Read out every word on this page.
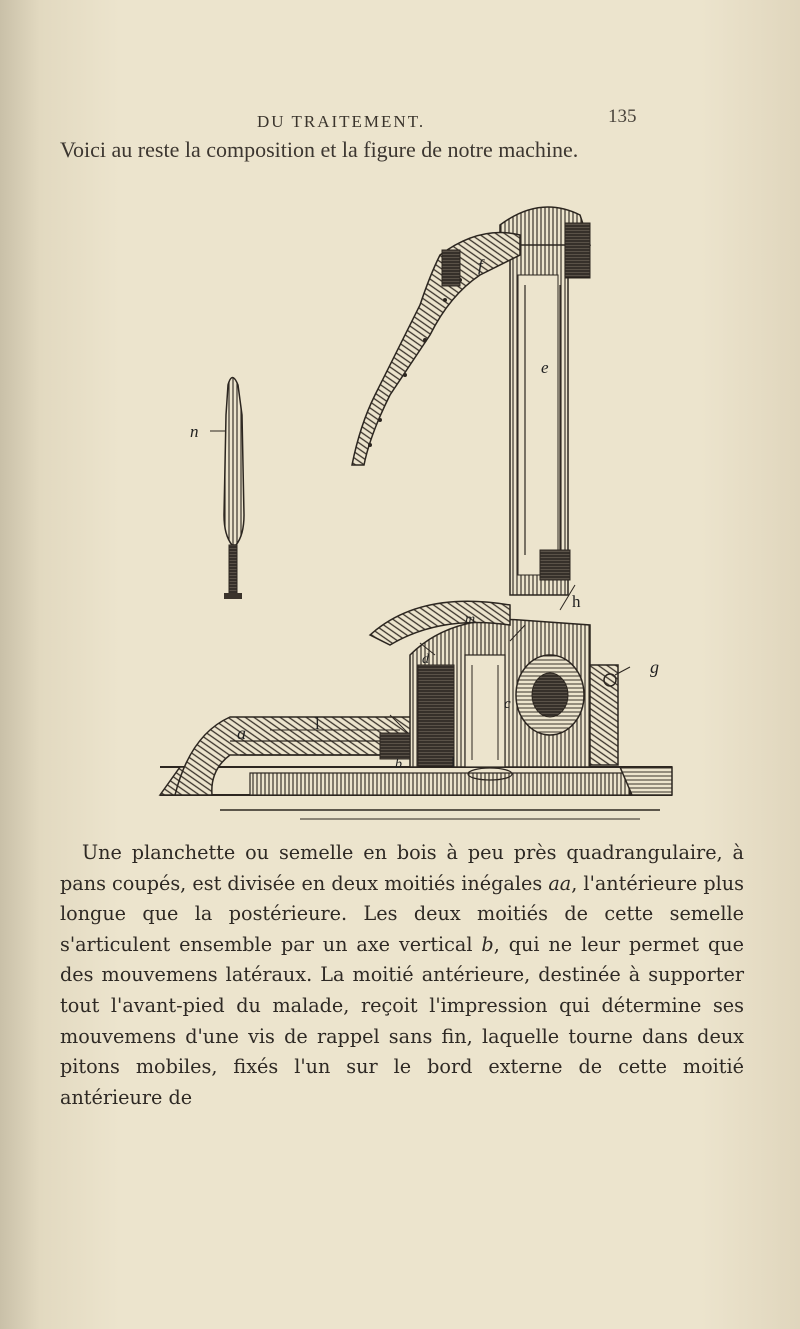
DU TRAITEMENT.	135
Voici au reste la composition et la figure de notre machine.
f
e
n
h
m
g
d
c
l
l
a
b
Une planchette ou semelle en bois à peu près quadrangulaire, à pans coupés, est divisée en deux moitiés inégales aa, l'antérieure plus longue que la postérieure. Les deux moitiés de cette semelle s'articulent ensemble par un axe vertical b, qui ne leur permet que des mouvemens latéraux. La moitié antérieure, destinée à supporter tout l'avant-pied du malade, reçoit l'impression qui détermine ses mouvemens d'une vis de rappel sans fin, laquelle tourne dans deux pitons mobiles, fixés l'un sur le bord externe de cette moitié antérieure de
